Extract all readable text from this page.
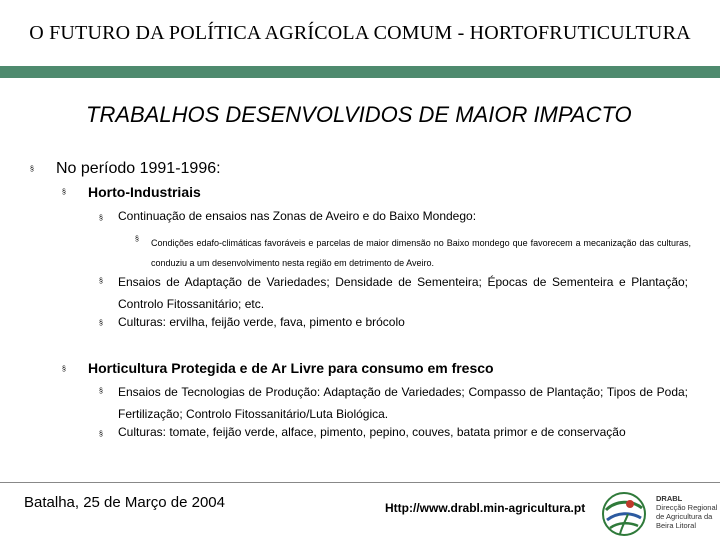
O FUTURO DA POLÍTICA AGRÍCOLA COMUM - HORTOFRUTICULTURA
TRABALHOS DESENVOLVIDOS DE MAIOR IMPACTO
§ No período 1991-1996:
§ Horto-Industriais
§ Continuação de ensaios nas Zonas de Aveiro e do Baixo Mondego:
§ Condições edafo-climáticas favoráveis e parcelas de maior dimensão no Baixo mondego que favorecem a mecanização das culturas, conduziu a um desenvolvimento nesta região em detrimento de Aveiro.
§ Ensaios de Adaptação de Variedades; Densidade de Sementeira; Épocas de Sementeira e Plantação; Controlo Fitossanitário; etc.
§ Culturas: ervilha, feijão verde, fava, pimento e brócolo
§ Horticultura Protegida e de Ar Livre para consumo em fresco
§ Ensaios de Tecnologias de Produção: Adaptação de Variedades; Compasso de Plantação; Tipos de Poda; Fertilização; Controlo Fitossanitário/Luta Biológica.
§ Culturas: tomate, feijão verde, alface, pimento, pepino, couves, batata primor e de conservação
Batalha, 25 de Março de 2004	Http://www.drabl.min-agricultura.pt
DRABL
Direcção Regional
de Agricultura da
Beira Litoral
